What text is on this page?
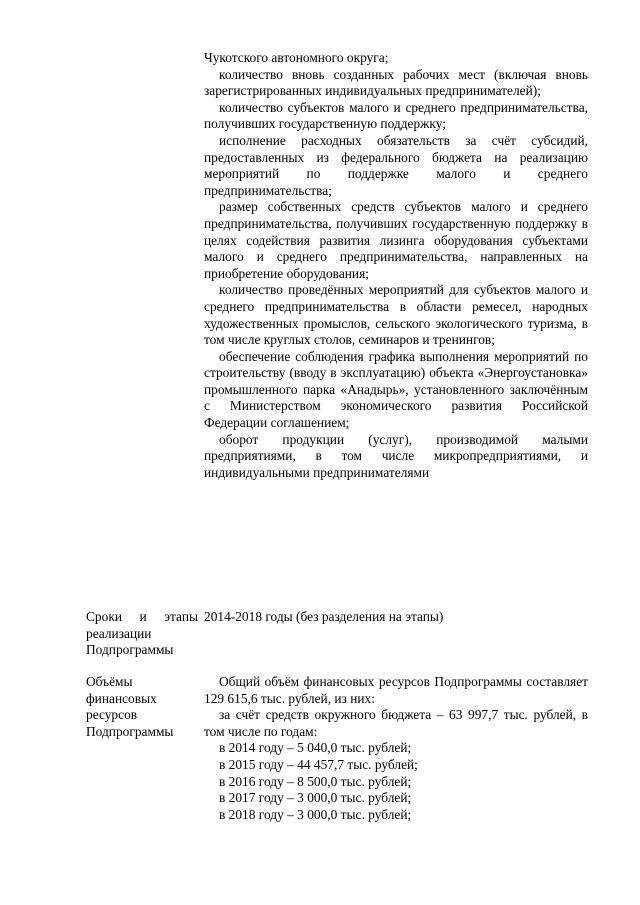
Чукотского автономного округа;

количество вновь созданных рабочих мест (включая вновь зарегистрированных индивидуальных предпринимателей);

количество субъектов малого и среднего предпринимательства, получивших государственную поддержку;

исполнение расходных обязательств за счёт субсидий, предоставленных из федерального бюджета на реализацию мероприятий по поддержке малого и среднего предпринимательства;

размер собственных средств субъектов малого и среднего предпринимательства, получивших государственную поддержку в целях содействия развития лизинга оборудования субъектами малого и среднего предпринимательства, направленных на приобретение оборудования;

количество проведённых мероприятий для субъектов малого и среднего предпринимательства в области ремесел, народных художественных промыслов, сельского экологического туризма, в том числе круглых столов, семинаров и тренингов;

обеспечение соблюдения графика выполнения мероприятий по строительству (вводу в эксплуатацию) объекта «Энергоустановка» промышленного парка «Анадырь», установленного заключённым с Министерством экономического развития Российской Федерации соглашением;

оборот продукции (услуг), производимой малыми предприятиями, в том числе микропредприятиями, и индивидуальными предпринимателями

Сроки и этапы
реализации
Подпрограммы

2014-2018 годы (без разделения на этапы)

Объёмы
финансовых
ресурсов
Подпрограммы

Общий объём финансовых ресурсов Подпрограммы составляет 129 615,6 тыс. рублей, из них:

за счёт средств окружного бюджета – 63 997,7 тыс. рублей, в том числе по годам:

в 2014 году – 5 040,0 тыс. рублей;

в 2015 году – 44 457,7 тыс. рублей;

в 2016 году – 8 500,0 тыс. рублей;

в 2017 году – 3 000,0 тыс. рублей;

в 2018 году – 3 000,0 тыс. рублей;
